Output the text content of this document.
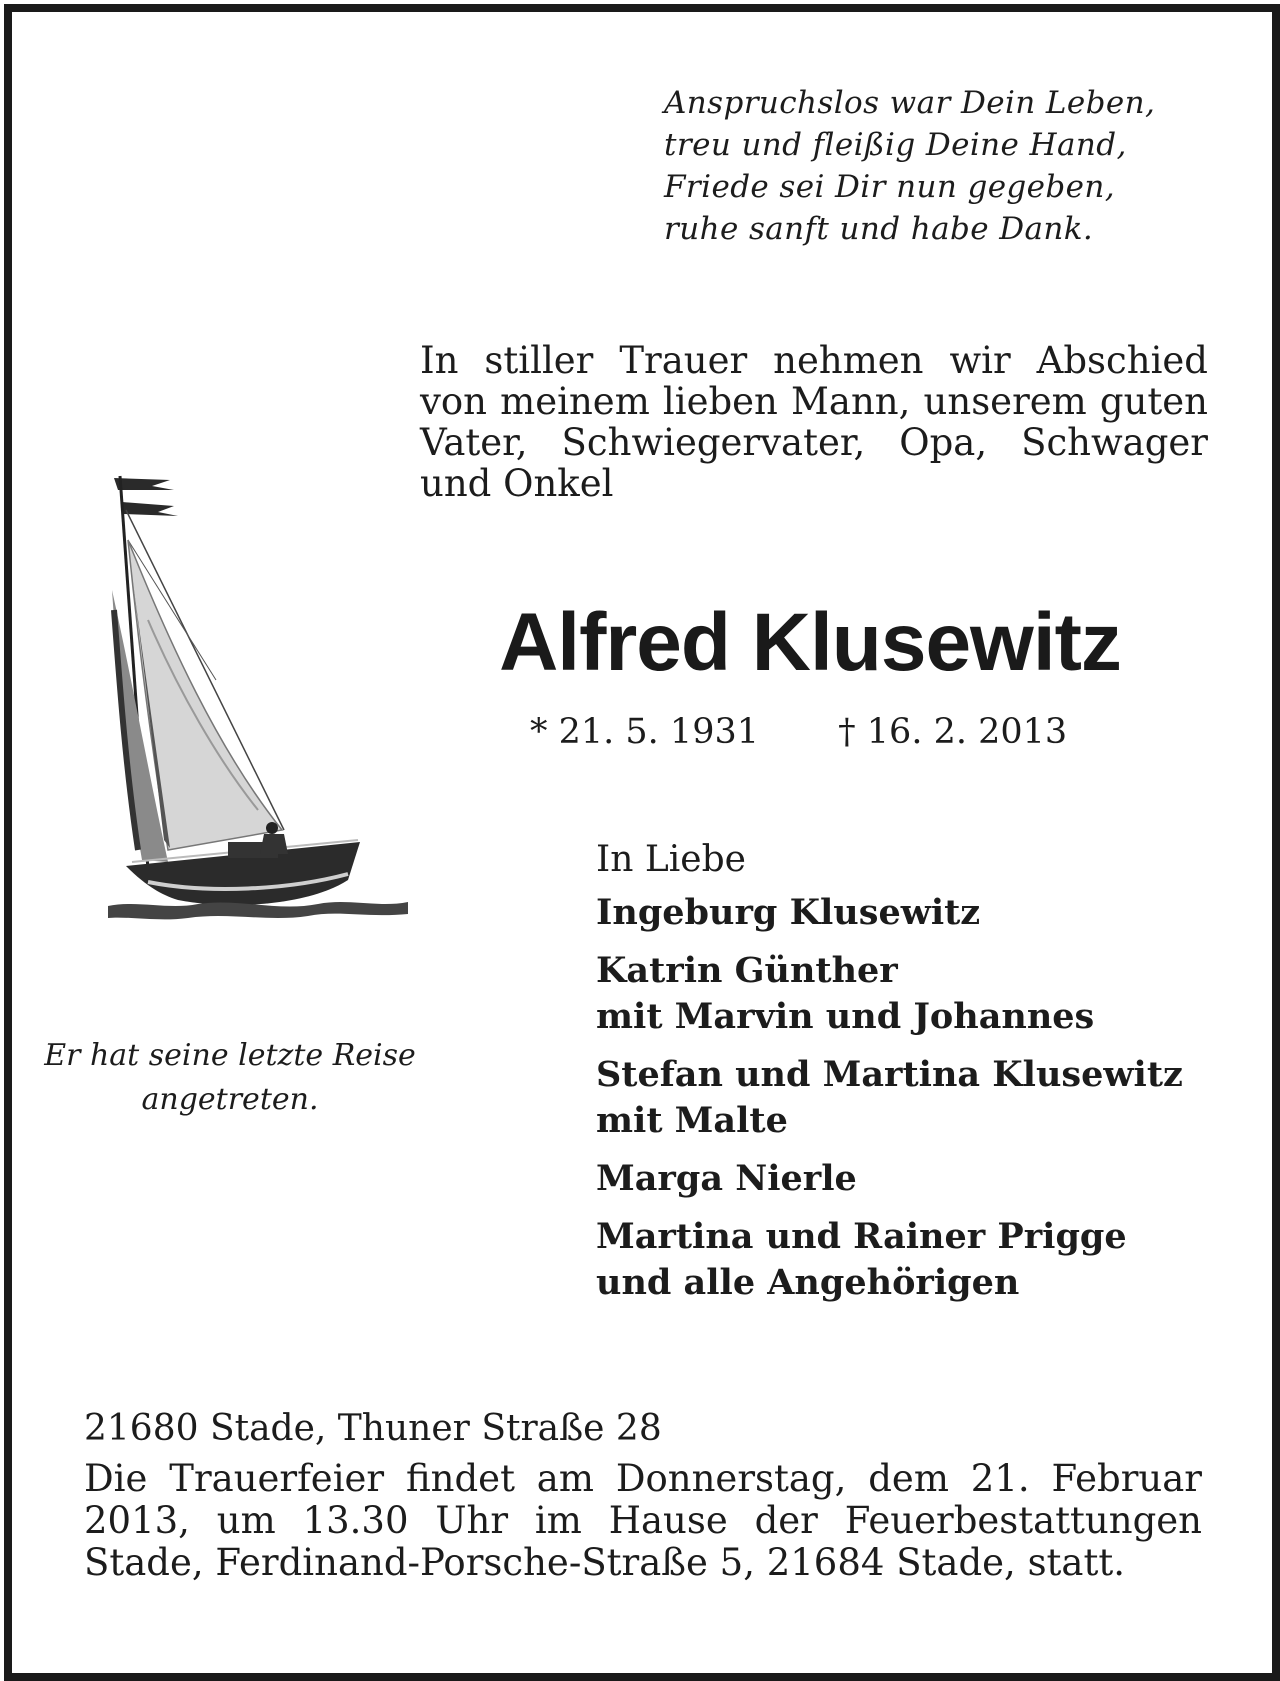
Anspruchslos war Dein Leben,
treu und fleißig Deine Hand,
Friede sei Dir nun gegeben,
ruhe sanft und habe Dank.
In stiller Trauer nehmen wir Abschied von meinem lieben Mann, unserem guten Vater, Schwiegervater, Opa, Schwager und Onkel
Alfred Klusewitz
* 21. 5. 1931 † 16. 2. 2013
Er hat seine letzte Reise
angetreten.
In Liebe
Ingeburg Klusewitz
Katrin Günther
mit Marvin und Johannes
Stefan und Martina Klusewitz
mit Malte
Marga Nierle
Martina und Rainer Prigge
und alle Angehörigen
21680 Stade, Thuner Straße 28
Die Trauerfeier findet am Donnerstag, dem 21. Februar 2013, um 13.30 Uhr im Hause der Feuerbestattungen Stade, Ferdinand-Porsche-Straße 5, 21684 Stade, statt.
